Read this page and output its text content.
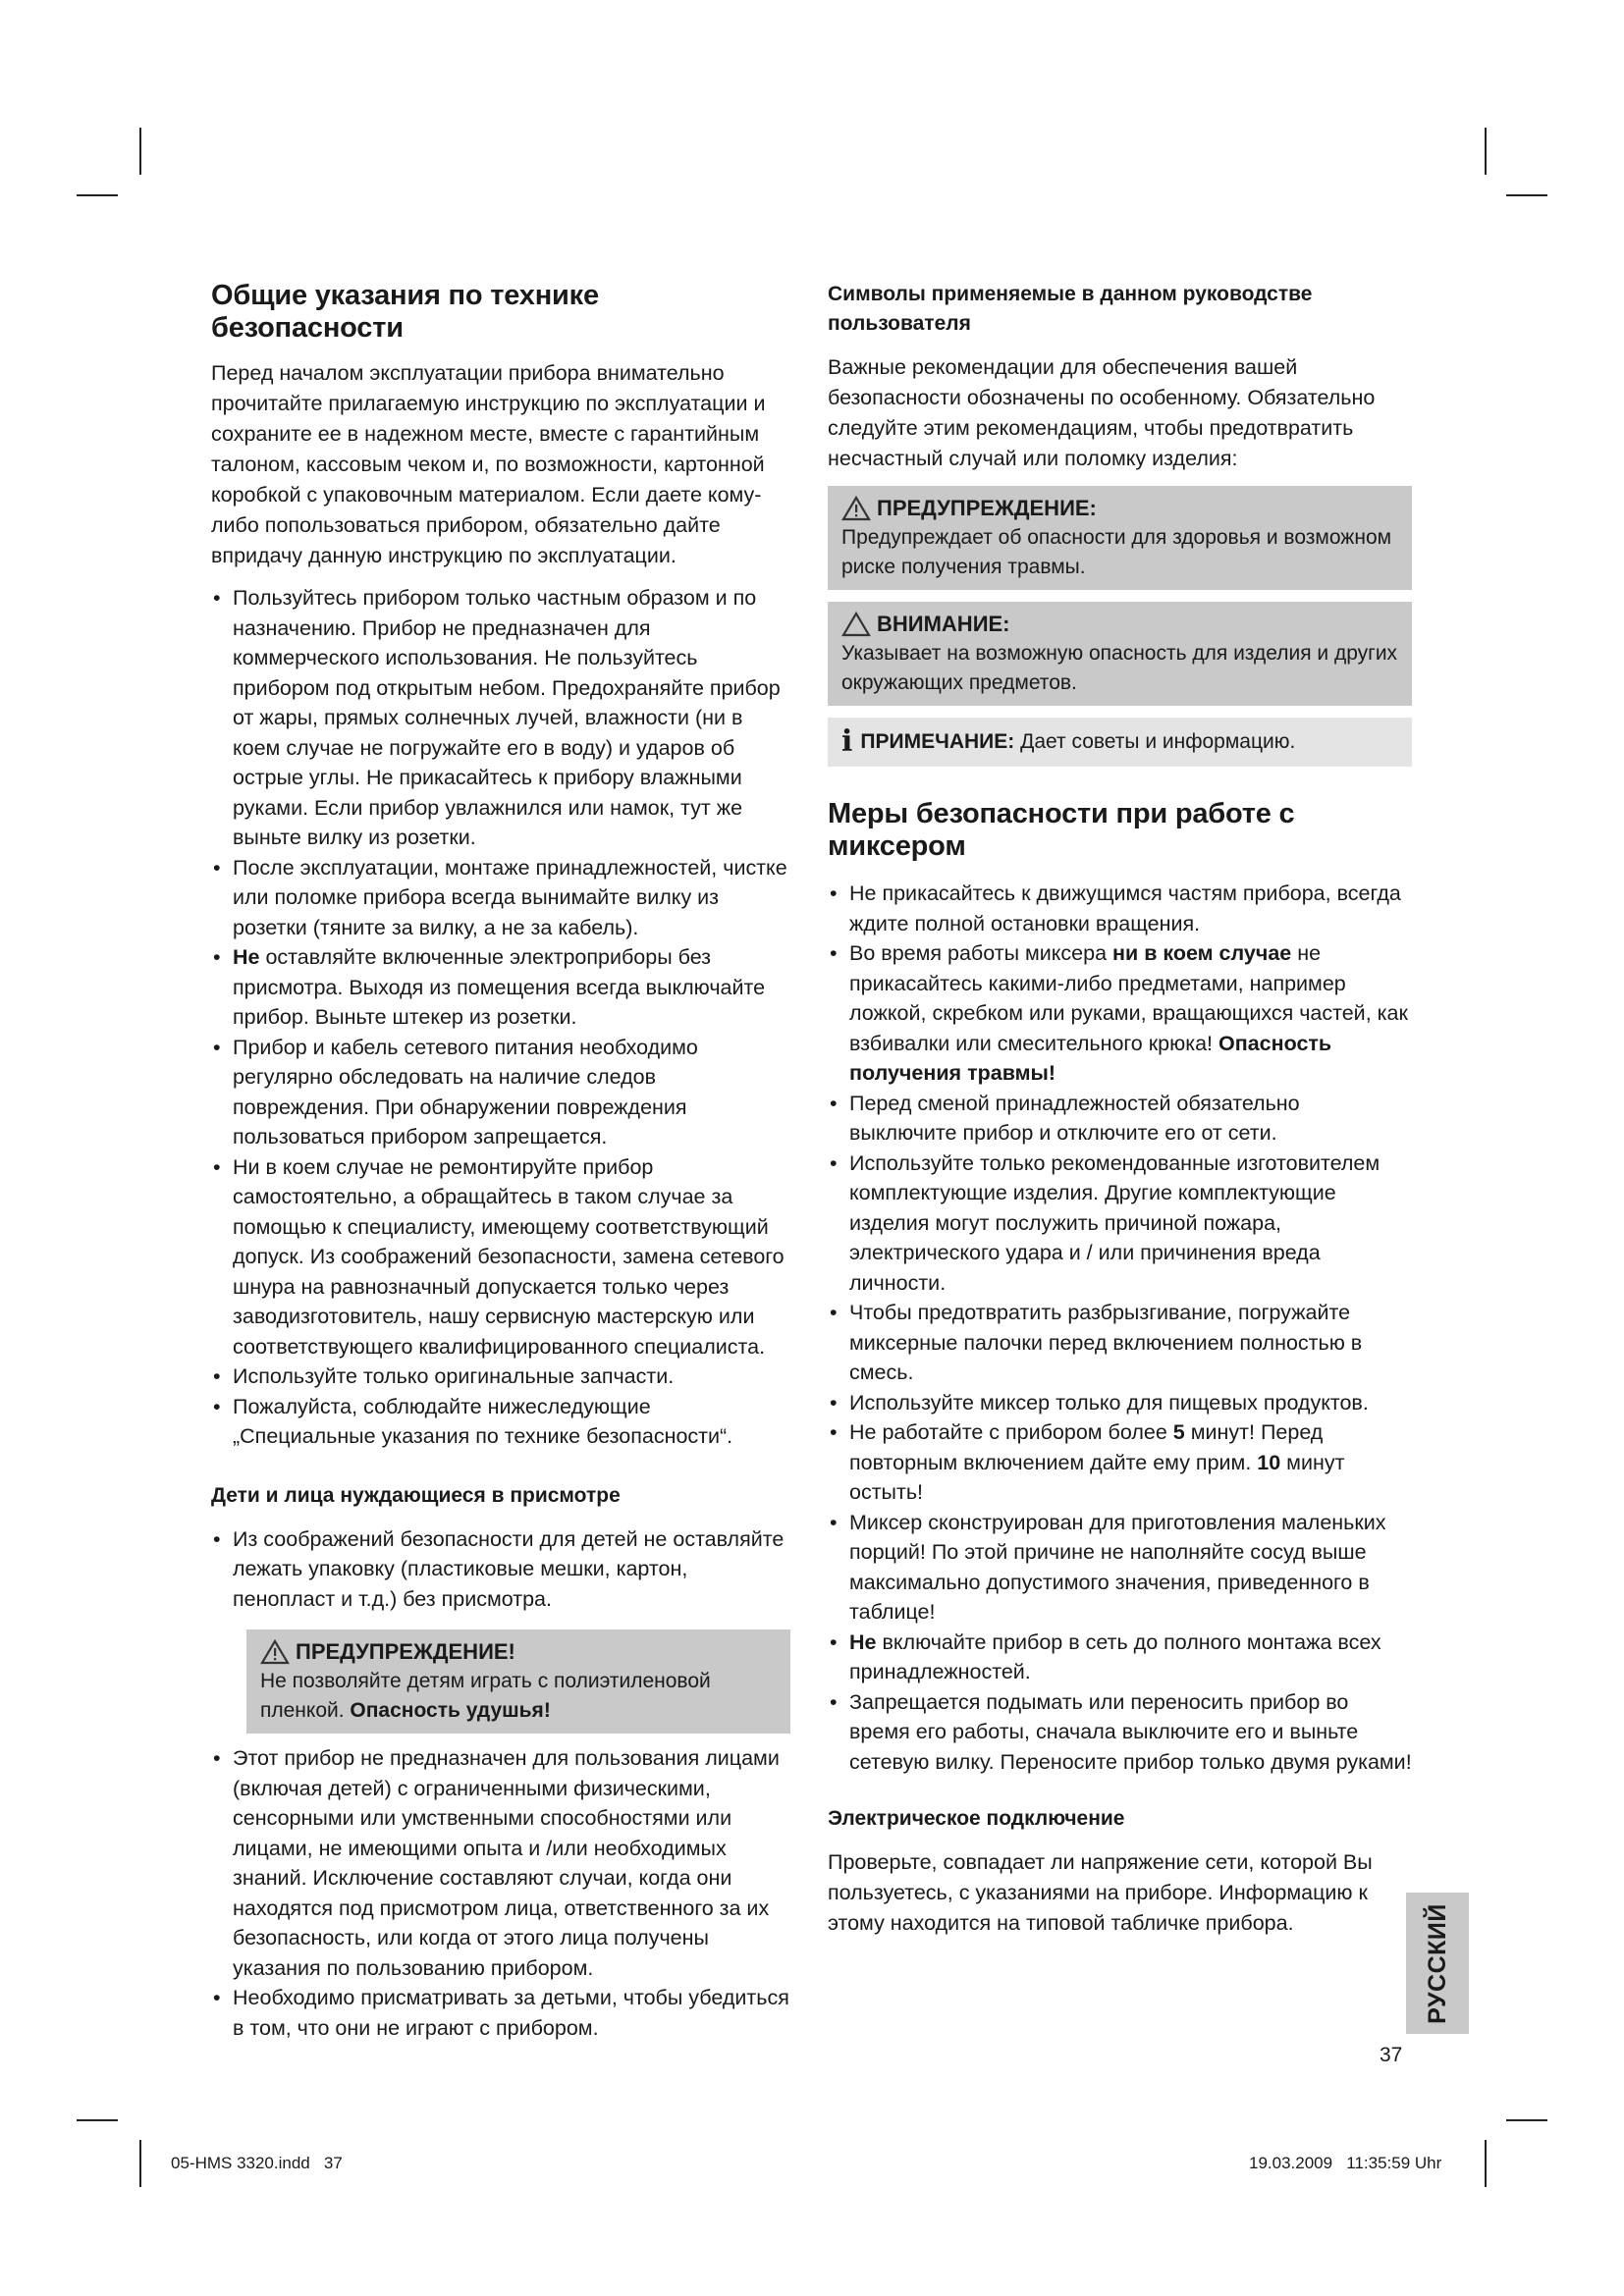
Общие указания по технике безопасности

Перед началом эксплуатации прибора внимательно прочитайте прилагаемую инструкцию по эксплуатации и сохраните ее в надежном месте, вместе с гарантийным талоном, кассовым чеком и, по возможности, картонной коробкой с упаковочным материалом. Если даете кому-либо попользоваться прибором, обязательно дайте впридачу данную инструкцию по эксплуатации.

• Пользуйтесь прибором только частным образом и по назначению. Прибор не предназначен для коммерческого использования. Не пользуйтесь прибором под открытым небом. Предохраняйте прибор от жары, прямых солнечных лучей, влажности (ни в коем случае не погружайте его в воду) и ударов об острые углы. Не прикасайтесь к прибору влажными руками. Если прибор увлажнился или намок, тут же выньте вилку из розетки.
• После эксплуатации, монтаже принадлежностей, чистке или поломке прибора всегда вынимайте вилку из розетки (тяните за вилку, а не за кабель).
• Не оставляйте включенные электроприборы без присмотра. Выходя из помещения всегда выключайте прибор. Выньте штекер из розетки.
• Прибор и кабель сетевого питания необходимо регулярно обследовать на наличие следов повреждения. При обнаружении повреждения пользоваться прибором запрещается.
• Ни в коем случае не ремонтируйте прибор самостоятельно, а обращайтесь в таком случае за помощью к специалисту, имеющему соответствующий допуск. Из соображений безопасности, замена сетевого шнура на равнозначный допускается только через заводизготовитель, нашу сервисную мастерскую или соответствующего квалифицированного специалиста.
• Используйте только оригинальные запчасти.
• Пожалуйста, соблюдайте нижеследующие „Специальные указания по технике безопасности“.
Дети и лица нуждающиеся в присмотре
• Из соображений безопасности для детей не оставляйте лежать упаковку (пластиковые мешки, картон, пенопласт и т.д.) без присмотра.
ПРЕДУПРЕЖДЕНИЕ!
Не позволяйте детям играть с полиэтиленовой пленкой. Опасность удушья!
• Этот прибор не предназначен для пользования лицами (включая детей) с ограниченными физическими, сенсорными или умственными способностями или лицами, не имеющими опыта и /или необходимых знаний. Исключение составляют случаи, когда они находятся под присмотром лица, ответственного за их безопасность, или когда от этого лица получены указания по пользованию прибором.
• Необходимо присматривать за детьми, чтобы убедиться в том, что они не играют с прибором.
Символы применяемые в данном руководстве пользователя

Важные рекомендации для обеспечения вашей безопасности обозначены по особенному. Обязательно следуйте этим рекомендациям, чтобы предотвратить несчастный случай или поломку изделия:

ПРЕДУПРЕЖДЕНИЕ:
Предупреждает об опасности для здоровья и возможном риске получения травмы.
ВНИМАНИЕ:
Указывает на возможную опасность для изделия и других окружающих предметов.
i ПРИМЕЧАНИЕ: Дает советы и информацию.
Меры безопасности при работе с миксером
• Не прикасайтесь к движущимся частям прибора, всегда ждите полной остановки вращения.
• Во время работы миксера ни в коем случае не прикасайтесь какими-либо предметами, например ложкой, скребком или руками, вращающихся частей, как взбивалки или смесительного крюка! Опасность получения травмы!
• Перед сменой принадлежностей обязательно выключите прибор и отключите его от сети.
• Используйте только рекомендованные изготовителем комплектующие изделия. Другие комплектующие изделия могут послужить причиной пожара, электрического удара и / или причинения вреда личности.
• Чтобы предотвратить разбрызгивание, погружайте миксерные палочки перед включением полностью в смесь.
• Используйте миксер только для пищевых продуктов.
• Не работайте с прибором более 5 минут! Перед повторным включением дайте ему прим. 10 минут остыть!
• Миксер сконструирован для приготовления маленьких порций! По этой причине не наполняйте сосуд выше максимально допустимого значения, приведенного в таблице!
• Не включайте прибор в сеть до полного монтажа всех принадлежностей.
• Запрещается подымать или переносить прибор во время его работы, сначала выключите его и выньте сетевую вилку. Переносите прибор только двумя руками!
Электрическое подключение

Проверьте, совпадает ли напряжение сети, которой Вы пользуетесь, с указаниями на приборе. Информацию к этому находится на типовой табличке прибора.	РУССКИЙ
37
05-HMS 3320.indd   37	19.03.2009   11:35:59 Uhr
